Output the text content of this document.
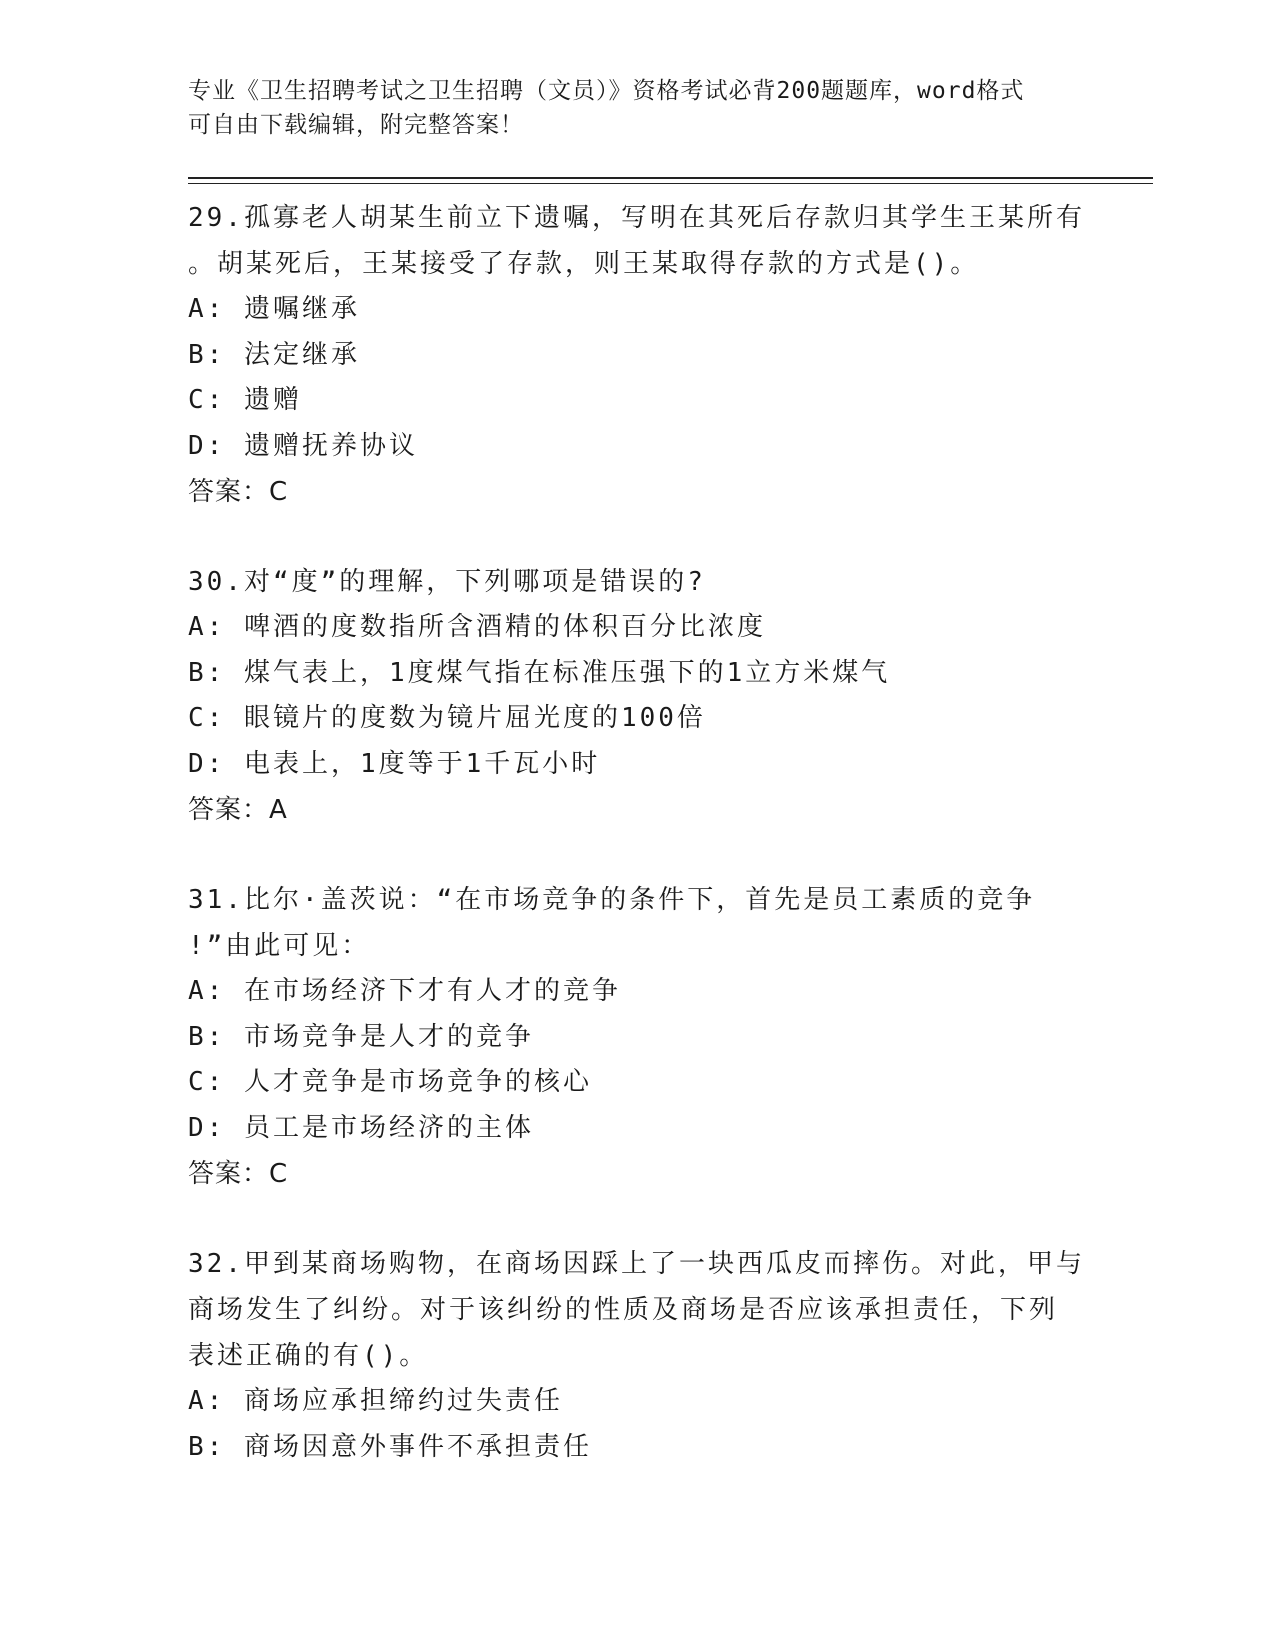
专业《卫生招聘考试之卫生招聘（文员）》资格考试必背200题题库，word格式
可自由下载编辑，附完整答案！
29.孤寡老人胡某生前立下遗嘱，写明在其死后存款归其学生王某所有
。胡某死后，王某接受了存款，则王某取得存款的方式是()。
A: 遗嘱继承
B: 法定继承
C: 遗赠
D: 遗赠抚养协议
答案：C
30.对“度”的理解，下列哪项是错误的?
A: 啤酒的度数指所含酒精的体积百分比浓度
B: 煤气表上，1度煤气指在标准压强下的1立方米煤气
C: 眼镜片的度数为镜片屈光度的100倍
D: 电表上，1度等于1千瓦小时
答案：A
31.比尔·盖茨说：“在市场竞争的条件下，首先是员工素质的竞争
!”由此可见：
A: 在市场经济下才有人才的竞争
B: 市场竞争是人才的竞争
C: 人才竞争是市场竞争的核心
D: 员工是市场经济的主体
答案：C
32.甲到某商场购物，在商场因踩上了一块西瓜皮而摔伤。对此，甲与
商场发生了纠纷。对于该纠纷的性质及商场是否应该承担责任，下列
表述正确的有()。
A: 商场应承担缔约过失责任
B: 商场因意外事件不承担责任
